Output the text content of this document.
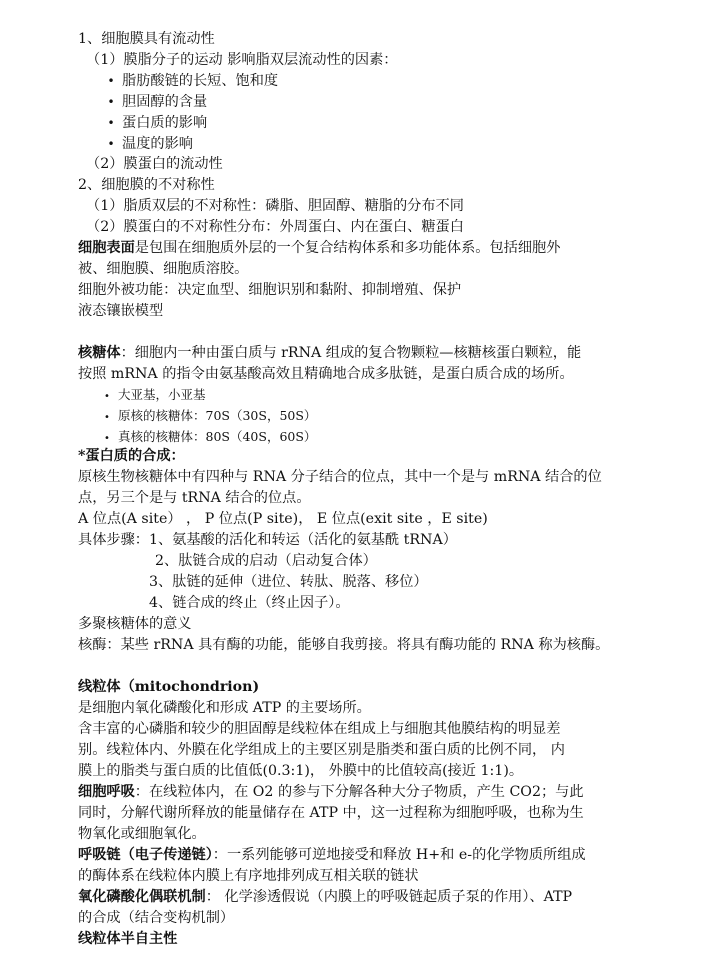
1、细胞膜具有流动性
（1）膜脂分子的运动 影响脂双层流动性的因素：
• 脂肪酸链的长短、饱和度
• 胆固醇的含量
• 蛋白质的影响
• 温度的影响
（2）膜蛋白的流动性
2、细胞膜的不对称性
（1）脂质双层的不对称性：磷脂、胆固醇、糖脂的分布不同
（2）膜蛋白的不对称性分布：外周蛋白、内在蛋白、糖蛋白
细胞表面是包围在细胞质外层的一个复合结构体系和多功能体系。包括细胞外
被、细胞膜、细胞质溶胶。
细胞外被功能：决定血型、细胞识别和黏附、抑制增殖、保护
液态镶嵌模型
核糖体：细胞内一种由蛋白质与 rRNA 组成的复合物颗粒—核糖核蛋白颗粒，能
按照 mRNA 的指令由氨基酸高效且精确地合成多肽链，是蛋白质合成的场所。
• 大亚基，小亚基
• 原核的核糖体：70S（30S，50S）
• 真核的核糖体：80S（40S，60S）
*蛋白质的合成：
原核生物核糖体中有四种与 RNA 分子结合的位点，其中一个是与 mRNA 结合的位
点，另三个是与 tRNA 结合的位点。
A 位点(A site） ， P 位点(P site)， E 位点(exit site ，E site)
具体步骤：1、氨基酸的活化和转运（活化的氨基酰 tRNA）
2、肽链合成的启动（启动复合体）
3、肽链的延伸（进位、转肽、脱落、移位）
4、链合成的终止（终止因子）。
多聚核糖体的意义
核酶：某些 rRNA 具有酶的功能，能够自我剪接。将具有酶功能的 RNA 称为核酶。
线粒体（mitochondrion)
是细胞内氧化磷酸化和形成 ATP 的主要场所。
含丰富的心磷脂和较少的胆固醇是线粒体在组成上与细胞其他膜结构的明显差
别。线粒体内、外膜在化学组成上的主要区别是脂类和蛋白质的比例不同， 内
膜上的脂类与蛋白质的比值低(0.3:1)， 外膜中的比值较高(接近 1:1)。
细胞呼吸：在线粒体内，在 O2 的参与下分解各种大分子物质，产生 CO2；与此
同时，分解代谢所释放的能量储存在 ATP 中，这一过程称为细胞呼吸，也称为生
物氧化或细胞氧化。
呼吸链（电子传递链）：一系列能够可逆地接受和释放 H+和 e-的化学物质所组成
的酶体系在线粒体内膜上有序地排列成互相关联的链状
氧化磷酸化偶联机制： 化学渗透假说（内膜上的呼吸链起质子泵的作用）、ATP
的合成（结合变构机制）
线粒体半自主性
